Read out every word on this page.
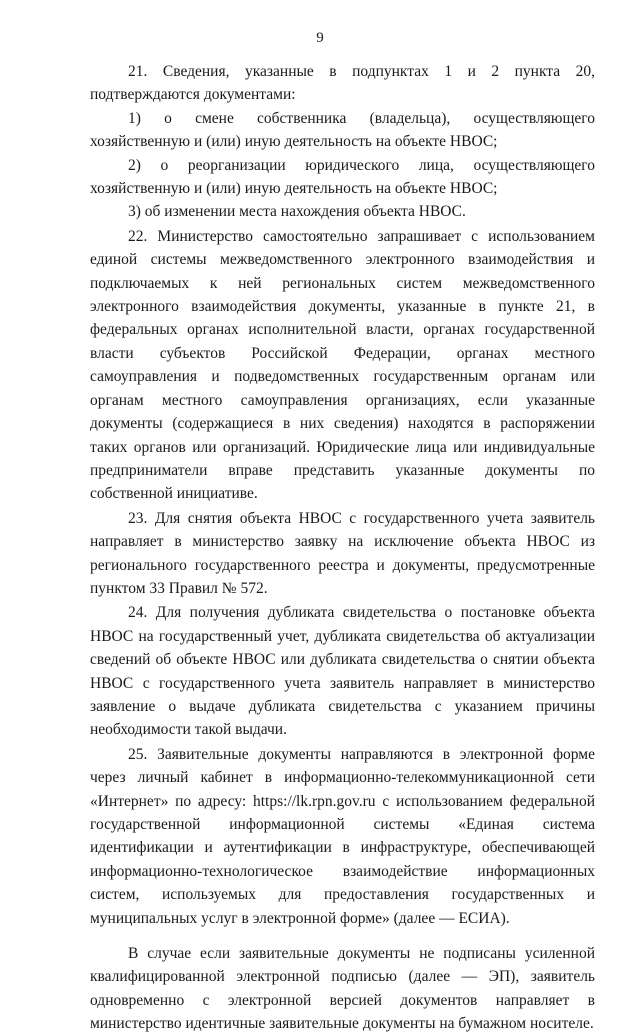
9

21. Сведения, указанные в подпунктах 1 и 2 пункта 20, подтверждаются документами:

1) о смене собственника (владельца), осуществляющего хозяйственную и (или) иную деятельность на объекте НВОС;

2) о реорганизации юридического лица, осуществляющего хозяйственную и (или) иную деятельность на объекте НВОС;

3) об изменении места нахождения объекта НВОС.

22. Министерство самостоятельно запрашивает с использованием единой системы межведомственного электронного взаимодействия и подключаемых к ней региональных систем межведомственного электронного взаимодействия документы, указанные в пункте 21, в федеральных органах исполнительной власти, органах государственной власти субъектов Российской Федерации, органах местного самоуправления и подведомственных государственным органам или органам местного самоуправления организациях, если указанные документы (содержащиеся в них сведения) находятся в распоряжении таких органов или организаций. Юридические лица или индивидуальные предприниматели вправе представить указанные документы по собственной инициативе.

23. Для снятия объекта НВОС с государственного учета заявитель направляет в министерство заявку на исключение объекта НВОС из регионального государственного реестра и документы, предусмотренные пунктом 33 Правил № 572.

24. Для получения дубликата свидетельства о постановке объекта НВОС на государственный учет, дубликата свидетельства об актуализации сведений об объекте НВОС или дубликата свидетельства о снятии объекта НВОС с государственного учета заявитель направляет в министерство заявление о выдаче дубликата свидетельства с указанием причины необходимости такой выдачи.

25. Заявительные документы направляются в электронной форме через личный кабинет в информационно-телекоммуникационной сети «Интернет» по адресу: https://lk.rpn.gov.ru с использованием федеральной государственной информационной системы «Единая система идентификации и аутентификации в инфраструктуре, обеспечивающей информационно-технологическое взаимодействие информационных систем, используемых для предоставления государственных и муниципальных услуг в электронной форме» (далее — ЕСИА).

В случае если заявительные документы не подписаны усиленной квалифицированной электронной подписью (далее — ЭП), заявитель одновременно с электронной версией документов направляет в министерство идентичные заявительные документы на бумажном носителе.
